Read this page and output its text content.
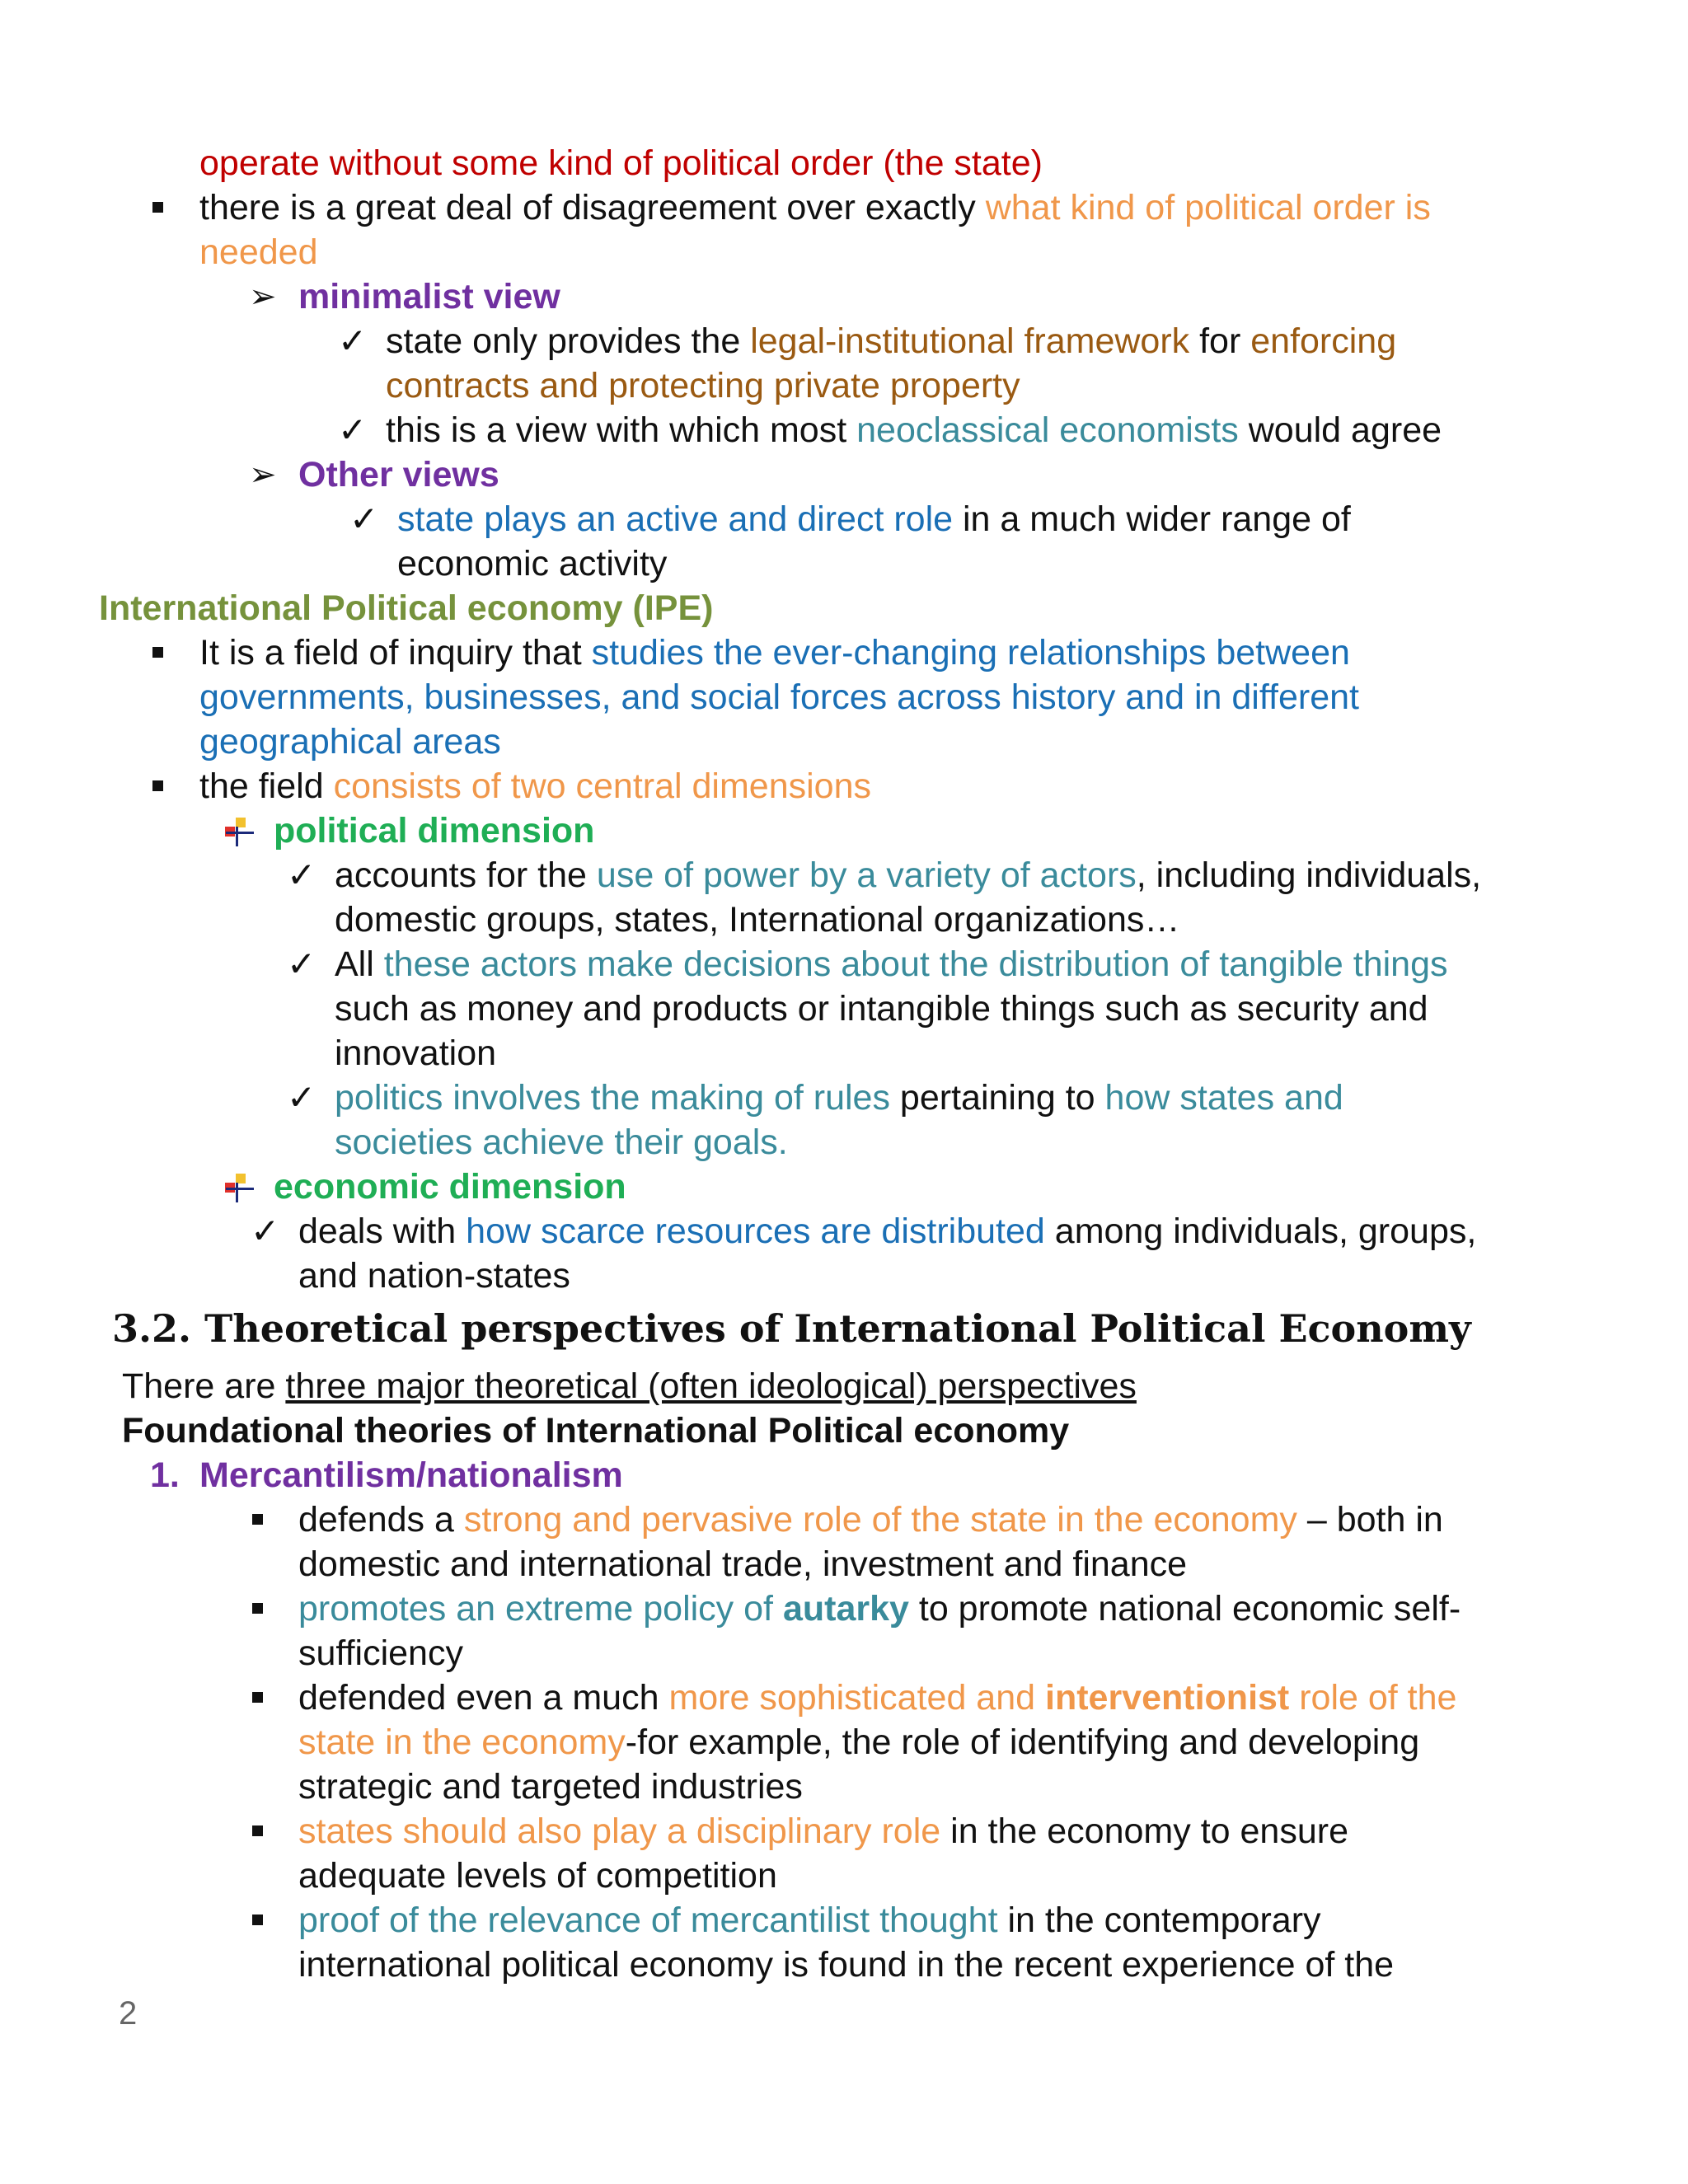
operate without some kind of political order (the state)
there is a great deal of disagreement over exactly what kind of political order is
needed
➢ minimalist view
✓ state only provides the legal-institutional framework for enforcing
contracts and protecting private property
✓ this is a view with which most neoclassical economists would agree
➢ Other views
✓ state plays an active and direct role in a much wider range of
economic activity
International Political economy (IPE)
It is a field of inquiry that studies the ever-changing relationships between
governments, businesses, and social forces across history and in different
geographical areas
the field consists of two central dimensions
political dimension
✓ accounts for the use of power by a variety of actors, including individuals,
domestic groups, states, International organizations…
✓ All these actors make decisions about the distribution of tangible things
such as money and products or intangible things such as security and
innovation
✓ politics involves the making of rules pertaining to how states and
societies achieve their goals.
economic dimension
✓ deals with how scarce resources are distributed among individuals, groups,
and nation-states
3.2. Theoretical perspectives of International Political Economy
There are three major theoretical (often ideological) perspectives
Foundational theories of International Political economy
1. Mercantilism/nationalism
defends a strong and pervasive role of the state in the economy – both in
domestic and international trade, investment and finance
promotes an extreme policy of autarky to promote national economic self-
sufficiency
defended even a much more sophisticated and interventionist role of the
state in the economy-for example, the role of identifying and developing
strategic and targeted industries
states should also play a disciplinary role in the economy to ensure
adequate levels of competition
proof of the relevance of mercantilist thought in the contemporary
international political economy is found in the recent experience of the
2
